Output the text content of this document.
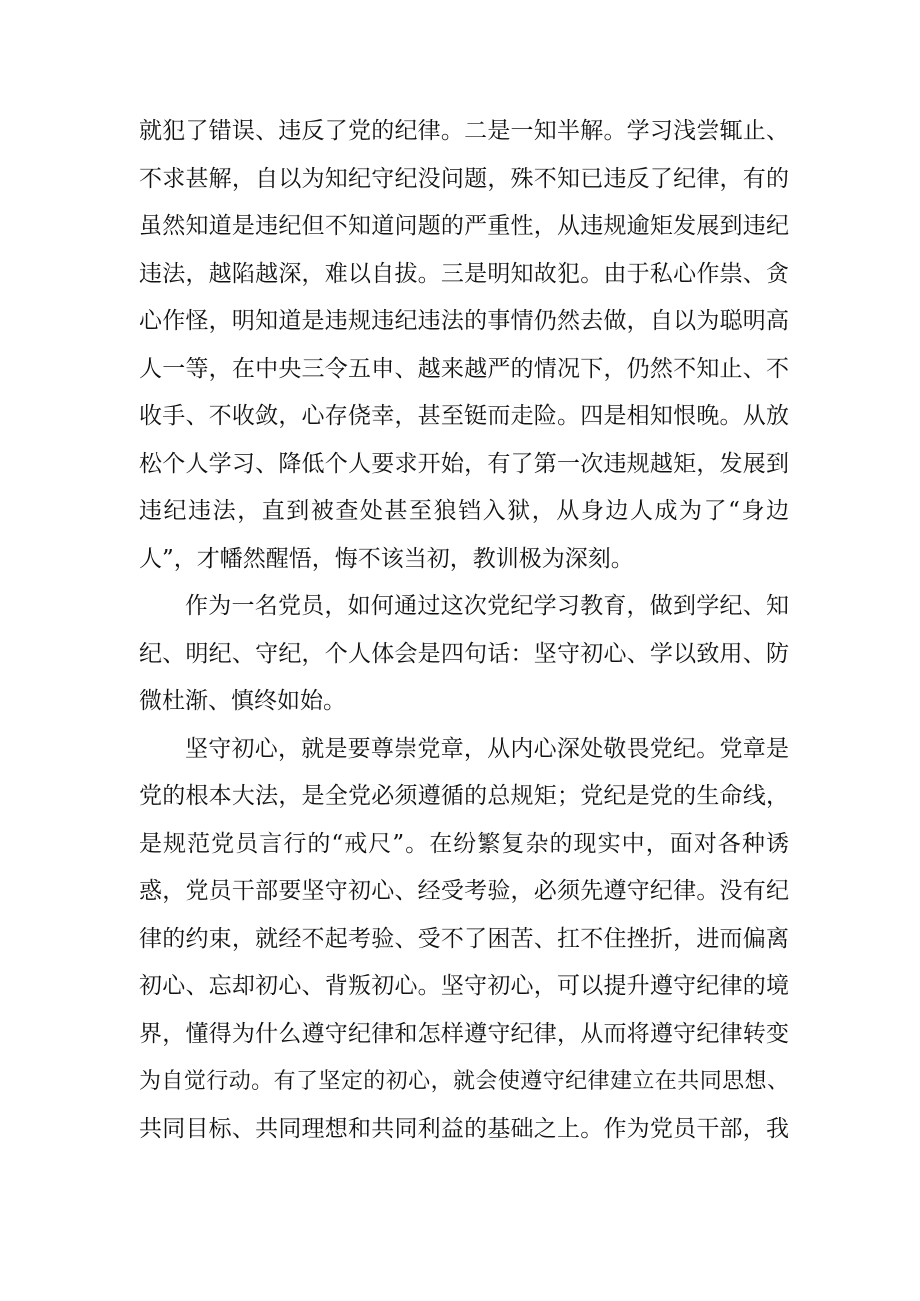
就犯了错误、违反了党的纪律。二是一知半解。学习浅尝辄止、
不求甚解，自以为知纪守纪没问题，殊不知已违反了纪律，有的
虽然知道是违纪但不知道问题的严重性，从违规逾矩发展到违纪
违法，越陷越深，难以自拔。三是明知故犯。由于私心作祟、贪
心作怪，明知道是违规违纪违法的事情仍然去做，自以为聪明高
人一等，在中央三令五申、越来越严的情况下，仍然不知止、不
收手、不收敛，心存侥幸，甚至铤而走险。四是相知恨晚。从放
松个人学习、降低个人要求开始，有了第一次违规越矩，发展到
违纪违法，直到被查处甚至狼铛入狱，从身边人成为了“身边
人”，才幡然醒悟，悔不该当初，教训极为深刻。
作为一名党员，如何通过这次党纪学习教育，做到学纪、知
纪、明纪、守纪，个人体会是四句话：坚守初心、学以致用、防
微杜渐、慎终如始。
坚守初心，就是要尊崇党章，从内心深处敬畏党纪。党章是
党的根本大法，是全党必须遵循的总规矩；党纪是党的生命线，
是规范党员言行的“戒尺”。在纷繁复杂的现实中，面对各种诱
惑，党员干部要坚守初心、经受考验，必须先遵守纪律。没有纪
律的约束，就经不起考验、受不了困苦、扛不住挫折，进而偏离
初心、忘却初心、背叛初心。坚守初心，可以提升遵守纪律的境
界，懂得为什么遵守纪律和怎样遵守纪律，从而将遵守纪律转变
为自觉行动。有了坚定的初心，就会使遵守纪律建立在共同思想、
共同目标、共同理想和共同利益的基础之上。作为党员干部，我
